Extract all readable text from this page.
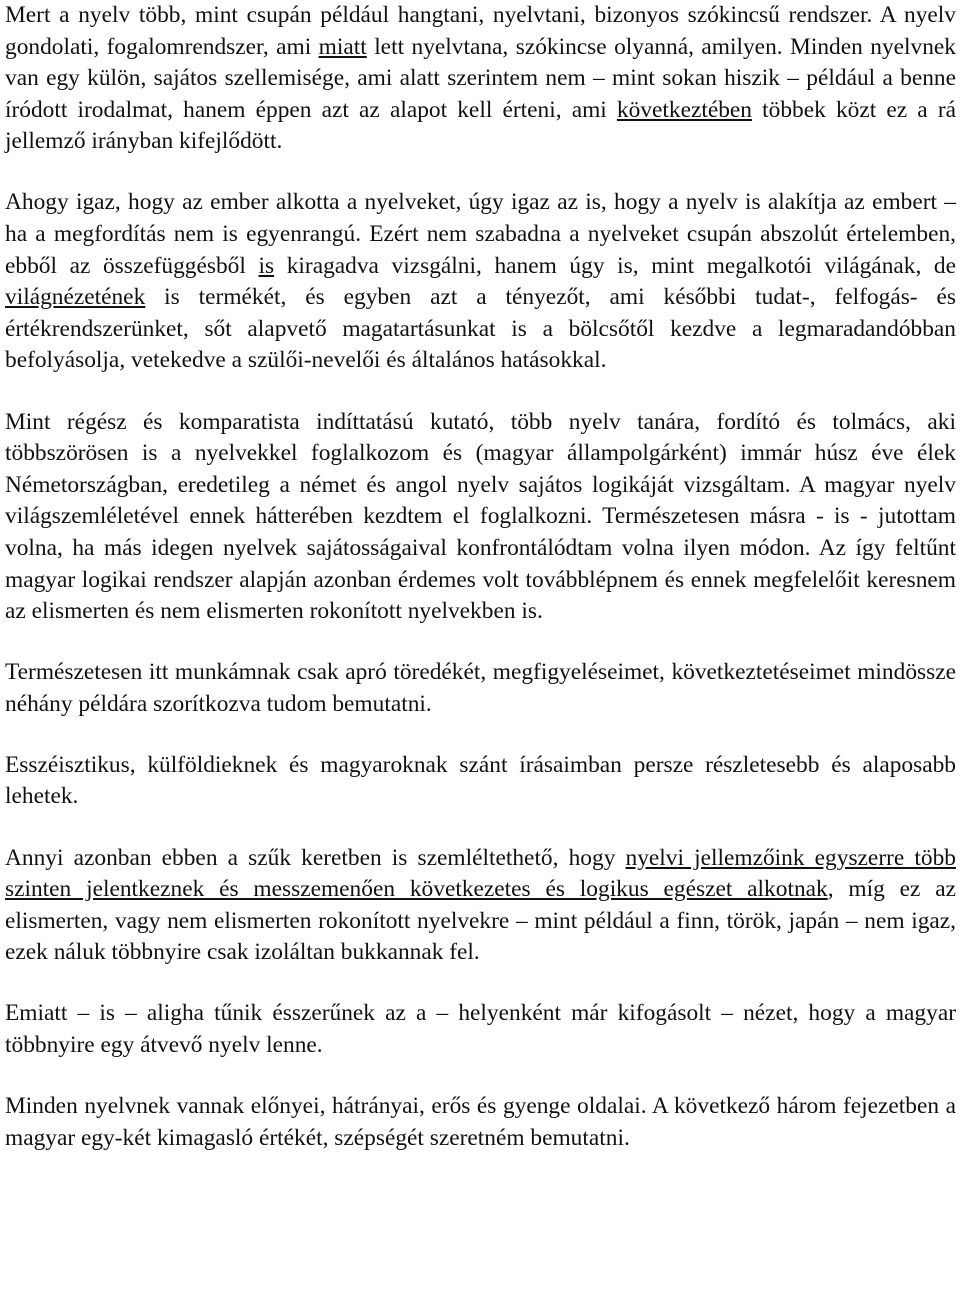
Mert a nyelv több, mint csupán például hangtani, nyelvtani, bizonyos szókincsű rendszer. A nyelv gondolati, fogalomrendszer, ami miatt lett nyelvtana, szókincse olyanná, amilyen. Minden nyelvnek van egy külön, sajátos szellemisége, ami alatt szerintem nem – mint sokan hiszik – például a benne íródott irodalmat, hanem éppen azt az alapot kell érteni, ami következtében többek közt ez a rá jellemző irányban kifejlődött.

Ahogy igaz, hogy az ember alkotta a nyelveket, úgy igaz az is, hogy a nyelv is alakítja az embert – ha a megfordítás nem is egyenrangú. Ezért nem szabadna a nyelveket csupán abszolút értelemben, ebből az összefüggésből is kiragadva vizsgálni, hanem úgy is, mint megalkotói világának, de világnézetének is termékét, és egyben azt a tényezőt, ami későbbi tudat-, felfogás- és értékrendszerünket, sőt alapvető magatartásunkat is a bölcsőtől kezdve a legmaradandóbban befolyásolja, vetekedve a szülői-nevelői és általános hatásokkal.

Mint régész és komparatista indíttatású kutató, több nyelv tanára, fordító és tolmács, aki többszörösen is a nyelvekkel foglalkozom és (magyar állampolgárként) immár húsz éve élek Németországban, eredetileg a német és angol nyelv sajátos logikáját vizsgáltam. A magyar nyelv világszemléletével ennek hátterében kezdtem el foglalkozni. Természetesen másra - is - jutottam volna, ha más idegen nyelvek sajátosságaival konfrontálódtam volna ilyen módon. Az így feltűnt magyar logikai rendszer alapján azonban érdemes volt továbblépnem és ennek megfelelőit keresnem az elismerten és nem elismerten rokonított nyelvekben is.

Természetesen itt munkámnak csak apró töredékét, megfigyeléseimet, következtetéseimet mindössze néhány példára szorítkozva tudom bemutatni.

Esszéisztikus, külföldieknek és magyaroknak szánt írásaimban persze részletesebb és alaposabb lehetek.

Annyi azonban ebben a szűk keretben is szemléltethető, hogy nyelvi jellemzőink egyszerre több szinten jelentkeznek és messzemenően következetes és logikus egészet alkotnak, míg ez az elismerten, vagy nem elismerten rokonított nyelvekre – mint például a finn, török, japán – nem igaz, ezek náluk többnyire csak izoláltan bukkannak fel.

Emiatt – is – aligha tűnik ésszerűnek az a – helyenként már kifogásolt – nézet, hogy a magyar többnyire egy átvevő nyelv lenne.

Minden nyelvnek vannak előnyei, hátrányai, erős és gyenge oldalai. A következő három fejezetben a magyar egy-két kimagasló értékét, szépségét szeretném bemutatni.
